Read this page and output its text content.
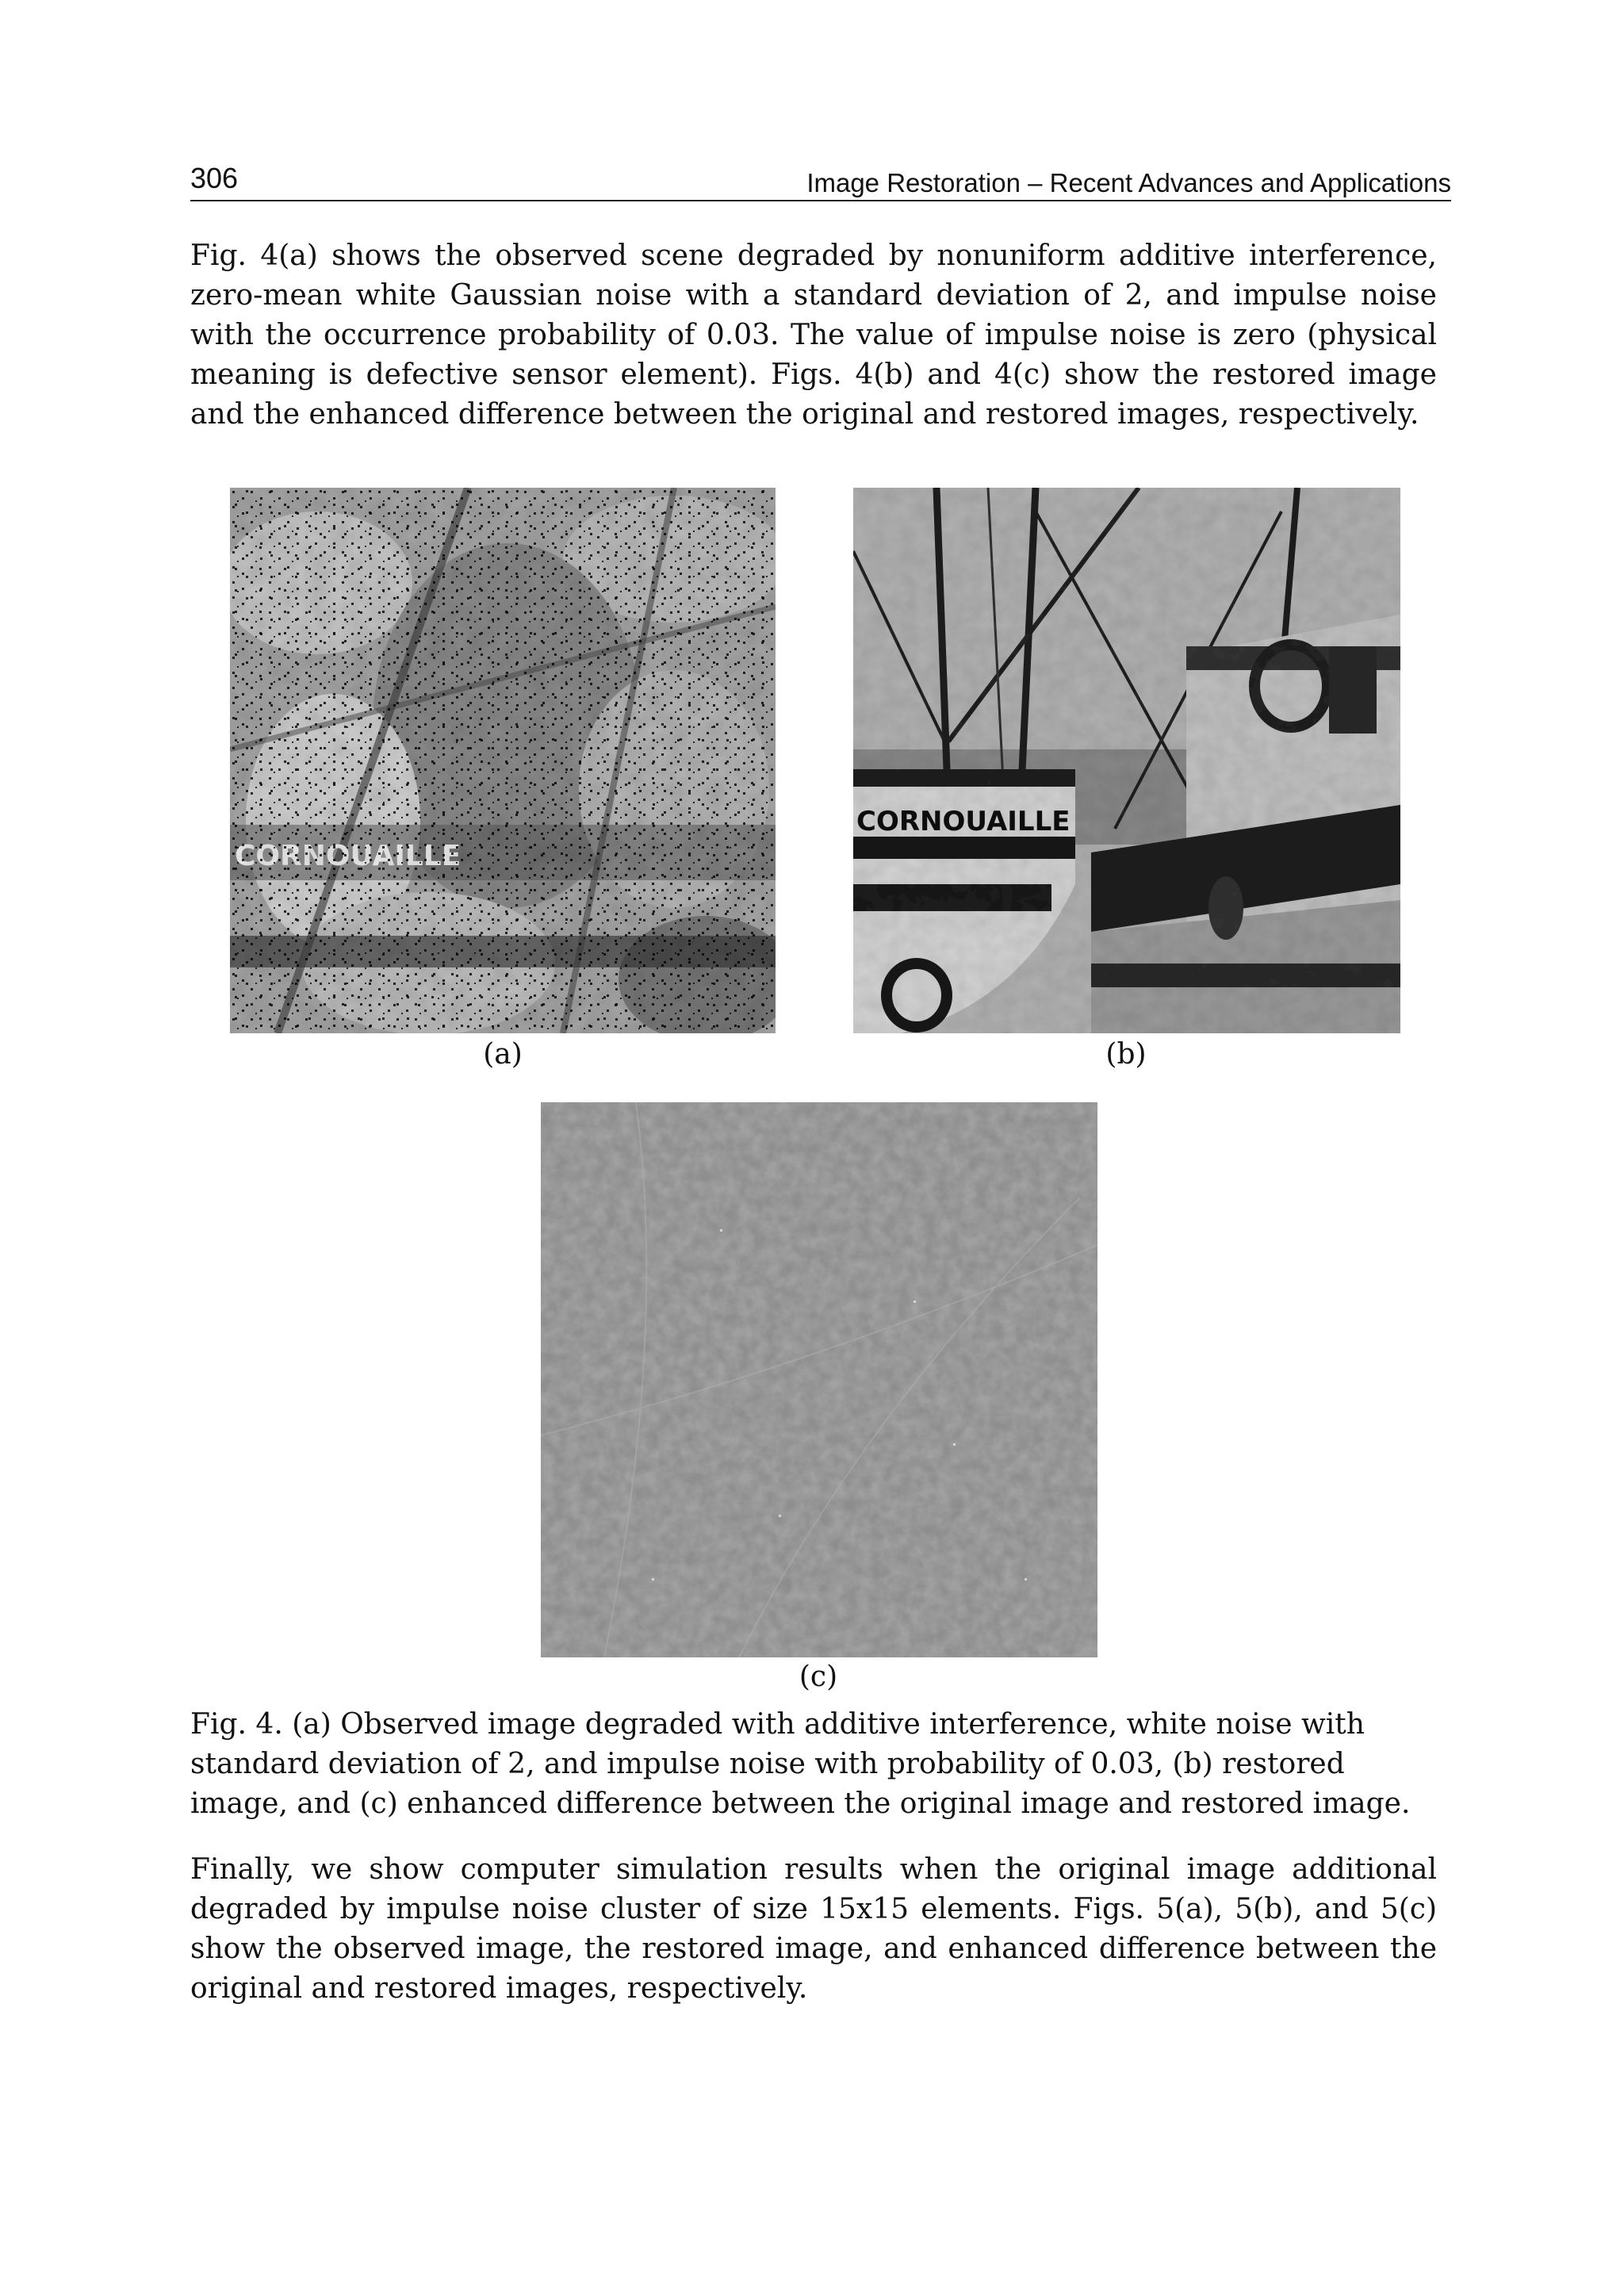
306	Image Restoration – Recent Advances and Applications

Fig. 4(a) shows the observed scene degraded by nonuniform additive interference, zero-mean white Gaussian noise with a standard deviation of 2, and impulse noise with the occurrence probability of 0.03. The value of impulse noise is zero (physical meaning is defective sensor element). Figs. 4(b) and 4(c) show the restored image and the enhanced difference between the original and restored images, respectively.

CORNOUAILLE
(a)	(b)
(c)

Fig. 4. (a) Observed image degraded with additive interference, white noise with standard deviation of 2, and impulse noise with probability of 0.03, (b) restored image, and (c) enhanced difference between the original image and restored image.

Finally, we show computer simulation results when the original image additional degraded by impulse noise cluster of size 15x15 elements. Figs. 5(a), 5(b), and 5(c) show the observed image, the restored image, and enhanced difference between the original and restored images, respectively.
